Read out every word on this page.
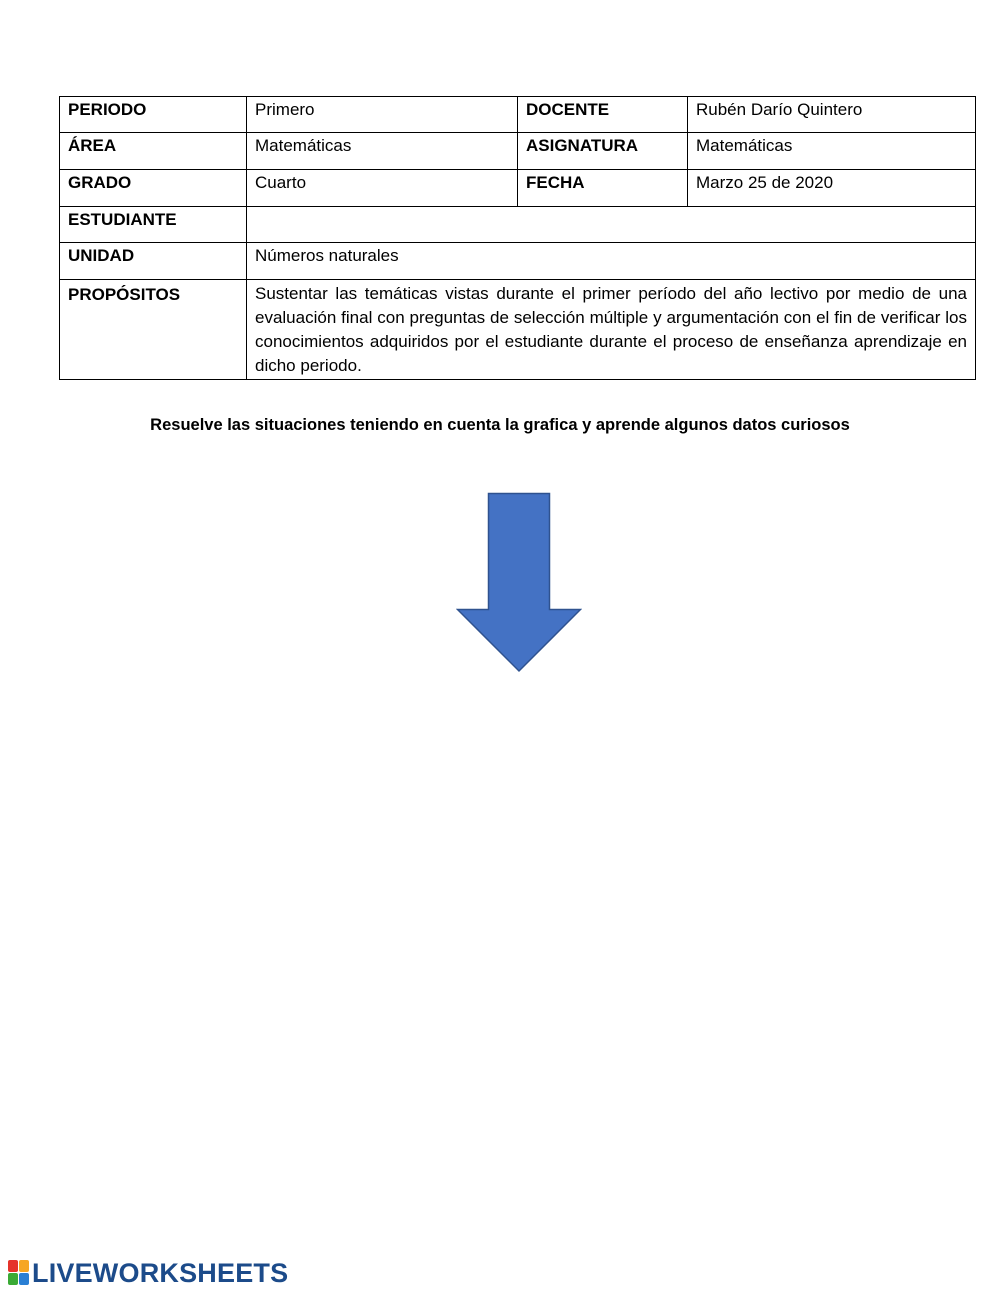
PERIODO	Primero	DOCENTE	Rubén Darío Quintero

ÁREA	Matemáticas	ASIGNATURA	Matemáticas

GRADO	Cuarto	FECHA	Marzo 25 de 2020

ESTUDIANTE			

UNIDAD	Números naturales		

PROPÓSITOS	Sustentar las temáticas vistas durante el primer período del año lectivo por medio de una evaluación final con preguntas de selección múltiple y argumentación con el fin de verificar los conocimientos adquiridos por el estudiante durante el proceso de enseñanza aprendizaje en dicho periodo.		
Resuelve las situaciones teniendo en cuenta la grafica y aprende algunos datos curiosos
LIVEWORKSHEETS
